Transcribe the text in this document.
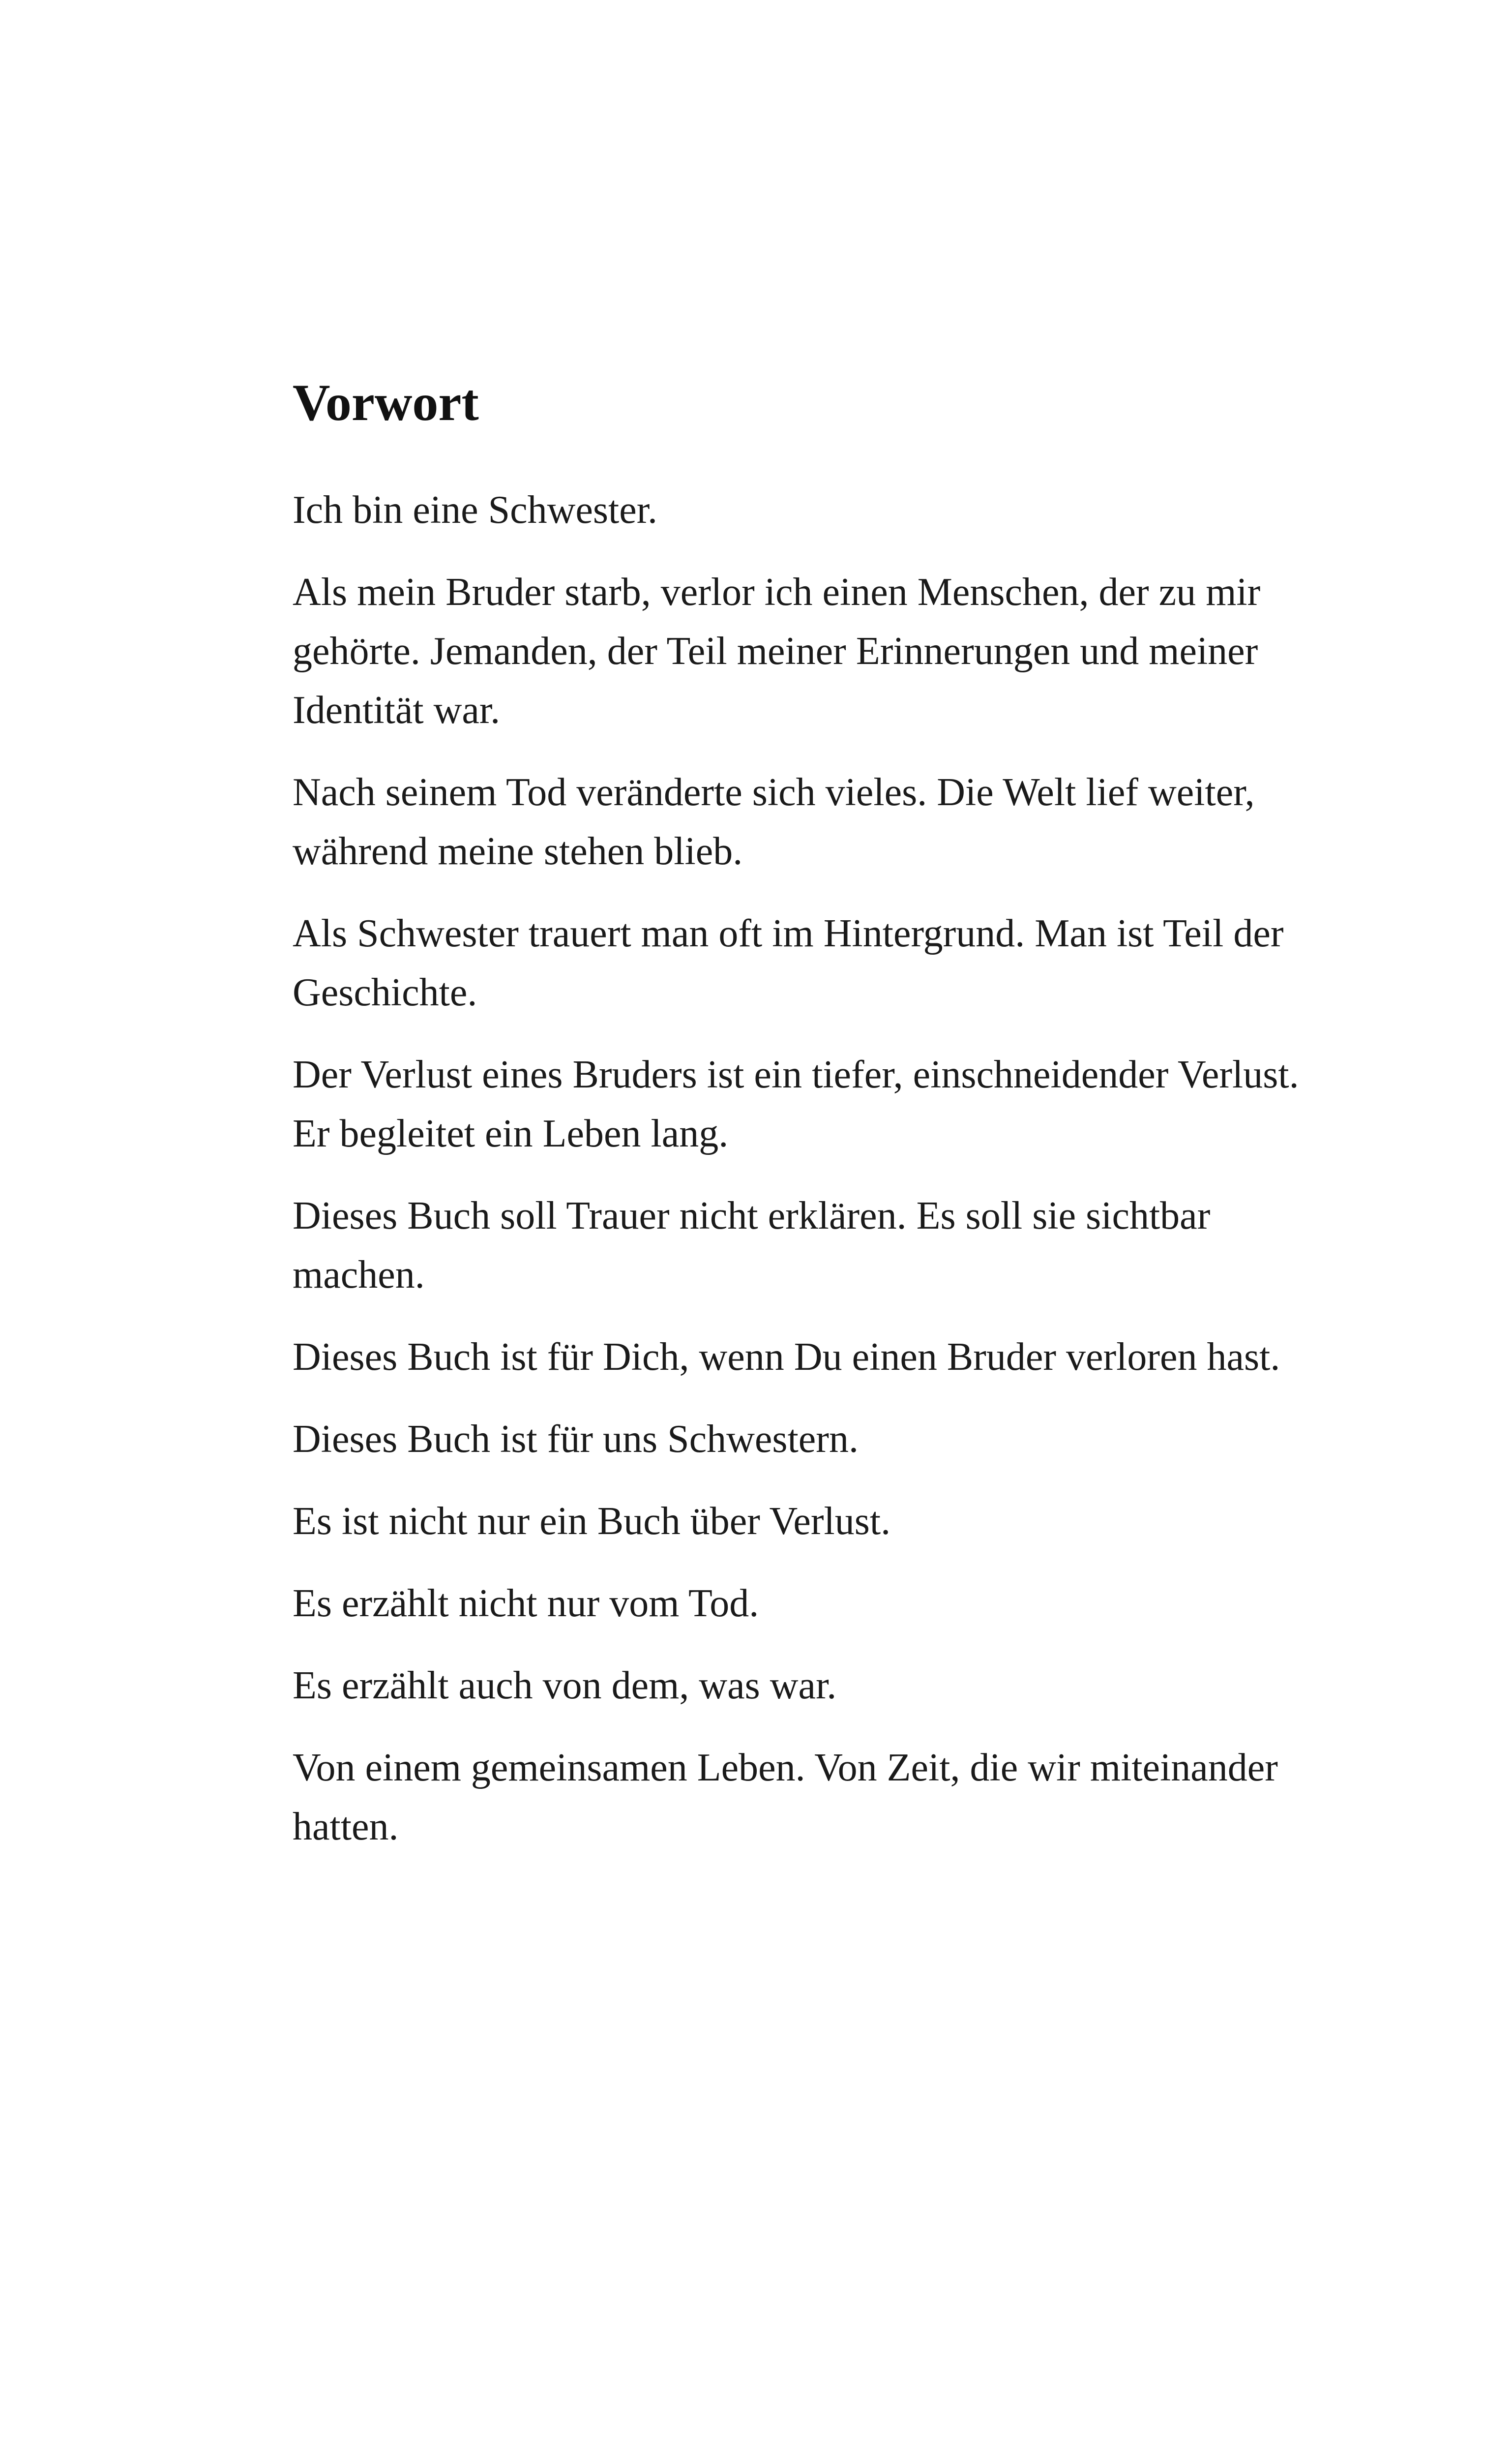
Vorwort

Ich bin eine Schwester.

Als mein Bruder starb, verlor ich einen Menschen, der zu mir gehörte. Jemanden, der Teil meiner Erinnerungen und meiner Identität war.

Nach seinem Tod veränderte sich vieles. Die Welt lief weiter, während meine stehen blieb.

Als Schwester trauert man oft im Hintergrund. Man ist Teil der Geschichte.

Der Verlust eines Bruders ist ein tiefer, einschneidender Verlust. Er begleitet ein Leben lang.

Dieses Buch soll Trauer nicht erklären. Es soll sie sichtbar machen.

Dieses Buch ist für Dich, wenn Du einen Bruder verloren hast.

Dieses Buch ist für uns Schwestern.

Es ist nicht nur ein Buch über Verlust.

Es erzählt nicht nur vom Tod.

Es erzählt auch von dem, was war.

Von einem gemeinsamen Leben. Von Zeit, die wir miteinander hatten.
